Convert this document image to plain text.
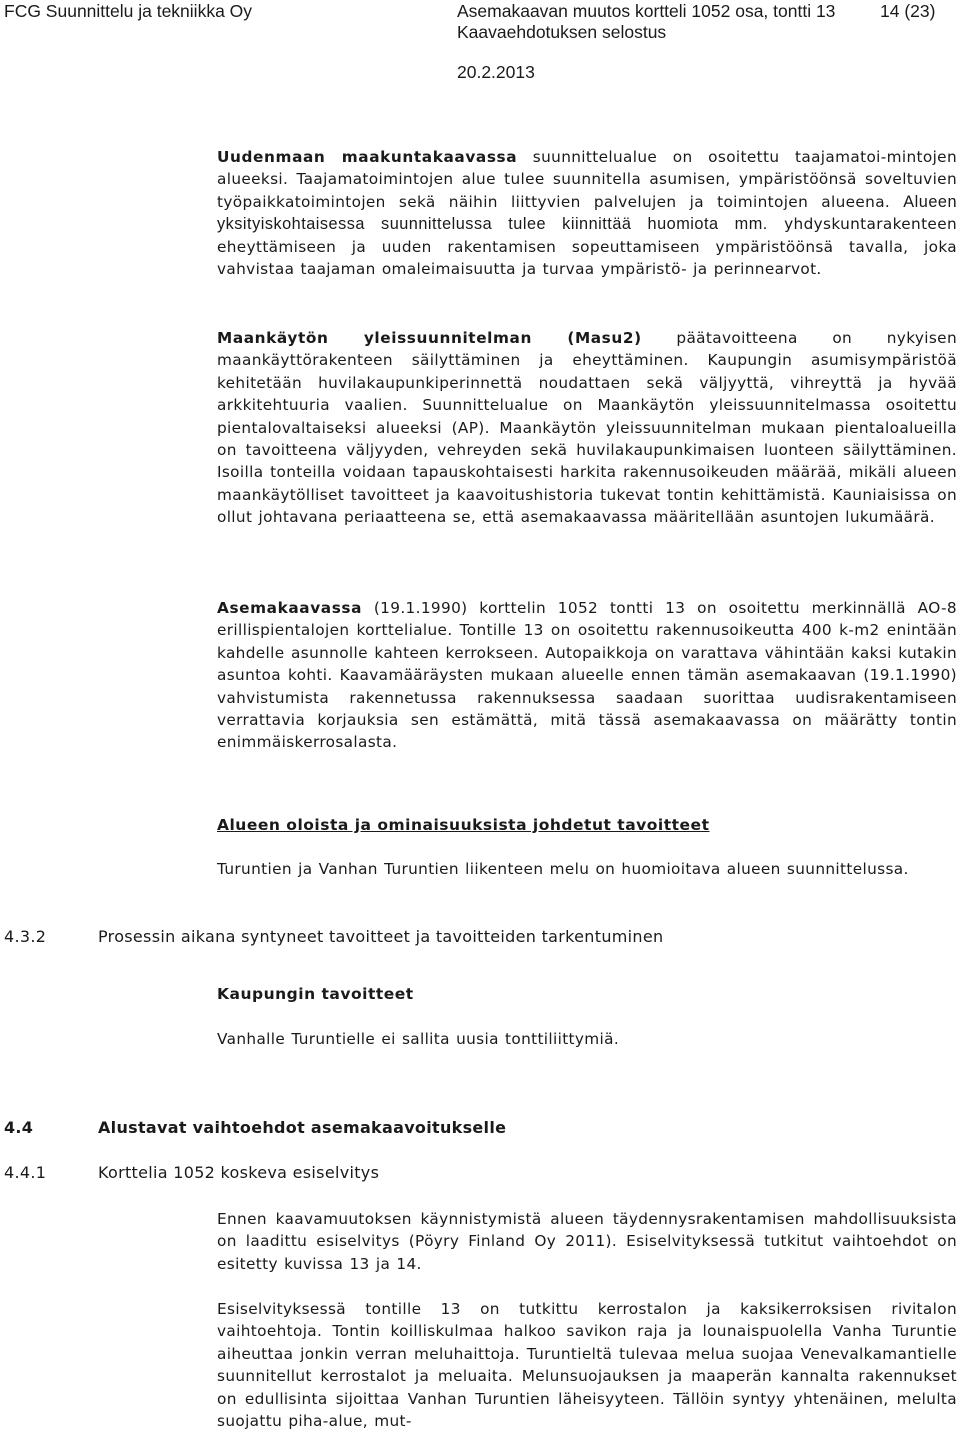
FCG Suunnittelu ja tekniikka Oy	Asemakaavan muutos kortteli 1052 osa, tontti 13	14 (23)
Kaavaehdotuksen selostus
20.2.2013

Uudenmaan maakuntakaavassa suunnittelualue on osoitettu taajamatoi-mintojen alueeksi. Taajamatoimintojen alue tulee suunnitella asumisen, ympäristöönsä soveltuvien työpaikkatoimintojen sekä näihin liittyvien palvelujen ja toimintojen alueena. Alueen yksityiskohtaisessa suunnittelussa tulee kiinnittää huomiota mm. yhdyskuntarakenteen eheyttämiseen ja uuden rakentamisen sopeuttamiseen ympäristöönsä tavalla, joka vahvistaa taajaman omaleimaisuutta ja turvaa ympäristö- ja perinnearvot.

Maankäytön yleissuunnitelman (Masu2) päätavoitteena on nykyisen maankäyttörakenteen säilyttäminen ja eheyttäminen. Kaupungin asumisympäristöä kehitetään huvilakaupunkiperinnettä noudattaen sekä väljyyttä, vihreyttä ja hyvää arkkitehtuuria vaalien. Suunnittelualue on Maankäytön yleissuunnitelmassa osoitettu pientalovaltaiseksi alueeksi (AP). Maankäytön yleissuunnitelman mukaan pientaloalueilla on tavoitteena väljyyden, vehreyden sekä huvilakaupunkimaisen luonteen säilyttäminen. Isoilla tonteilla voidaan tapauskohtaisesti harkita rakennusoikeuden määrää, mikäli alueen maankäytölliset tavoitteet ja kaavoitushistoria tukevat tontin kehittämistä. Kauniaisissa on ollut johtavana periaatteena se, että asemakaavassa määritellään asuntojen lukumäärä.

Asemakaavassa (19.1.1990) korttelin 1052 tontti 13 on osoitettu merkinnällä AO-8 erillispientalojen korttelialue. Tontille 13 on osoitettu rakennusoikeutta 400 k-m2 enintään kahdelle asunnolle kahteen kerrokseen. Autopaikkoja on varattava vähintään kaksi kutakin asuntoa kohti. Kaavamääräysten mukaan alueelle ennen tämän asemakaavan (19.1.1990) vahvistumista rakennetussa rakennuksessa saadaan suorittaa uudisrakentamiseen verrattavia korjauksia sen estämättä, mitä tässä asemakaavassa on määrätty tontin enimmäiskerrosalasta.

Alueen oloista ja ominaisuuksista johdetut tavoitteet

Turuntien ja Vanhan Turuntien liikenteen melu on huomioitava alueen suunnittelussa.

4.3.2	Prosessin aikana syntyneet tavoitteet ja tavoitteiden tarkentuminen
Kaupungin tavoitteet

Vanhalle Turuntielle ei sallita uusia tonttiliittymiä.

4.4	Alustavat vaihtoehdot asemakaavoitukselle
4.4.1	Korttelia 1052 koskeva esiselvitys

Ennen kaavamuutoksen käynnistymistä alueen täydennysrakentamisen mahdollisuuksista on laadittu esiselvitys (Pöyry Finland Oy 2011). Esiselvityksessä tutkitut vaihtoehdot on esitetty kuvissa 13 ja 14.

Esiselvityksessä tontille 13 on tutkittu kerrostalon ja kaksikerroksisen rivitalon vaihtoehtoja. Tontin koilliskulmaa halkoo savikon raja ja lounaispuolella Vanha Turuntie aiheuttaa jonkin verran meluhaittoja. Turuntieltä tulevaa melua suojaa Venevalkamantielle suunnitellut kerrostalot ja meluaita. Melunsuojauksen ja maaperän kannalta rakennukset on edullisinta sijoittaa Vanhan Turuntien läheisyyteen. Tällöin syntyy yhtenäinen, melulta suojattu piha-alue, mut-
